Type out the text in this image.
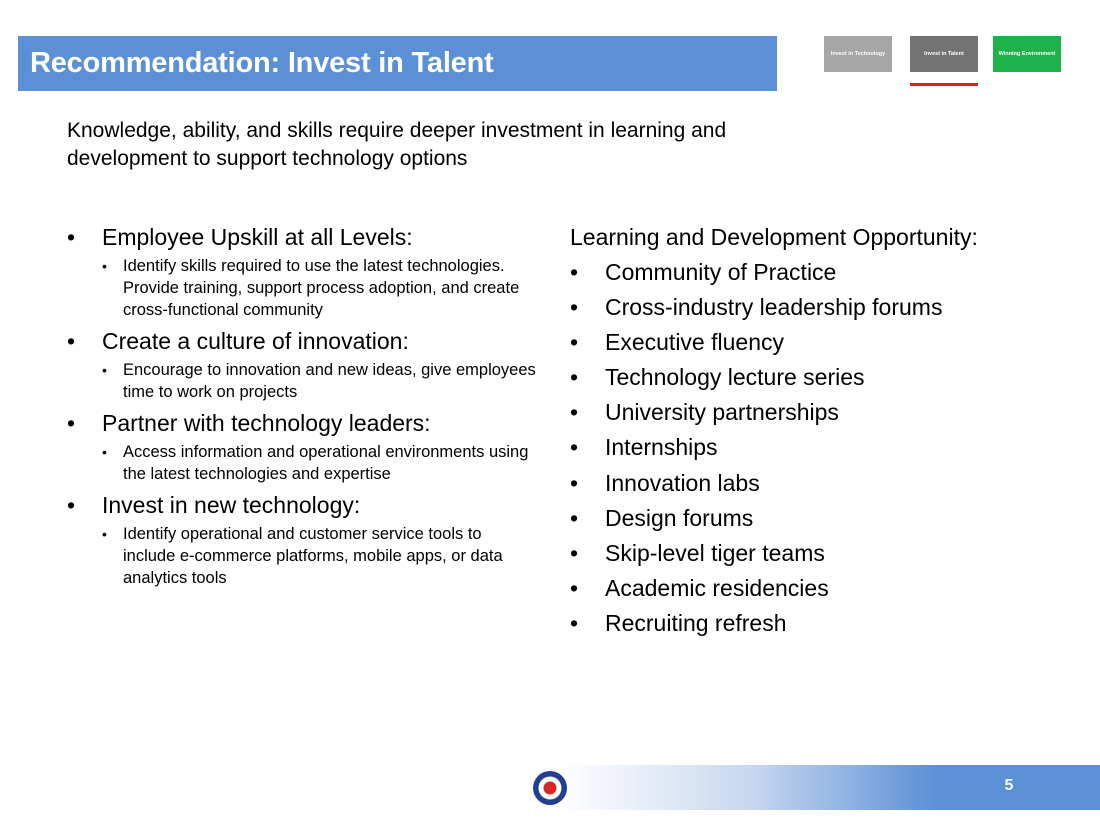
Recommendation: Invest in Talent	Invest in Technology	Invest in Talent	Winning Environment
Knowledge, ability, and skills require deeper investment in learning and development to support technology options
• Employee Upskill at all Levels:
• Identify skills required to use the latest technologies. Provide training, support process adoption, and create cross-functional community
• Create a culture of innovation:
• Encourage to innovation and new ideas, give employees time to work on projects
• Partner with technology leaders:
• Access information and operational environments using the latest technologies and expertise
• Invest in new technology:
• Identify operational and customer service tools to include e-commerce platforms, mobile apps, or data analytics tools
Learning and Development Opportunity:
• Community of Practice
• Cross-industry leadership forums
• Executive fluency
• Technology lecture series
• University partnerships
• Internships
• Innovation labs
• Design forums
• Skip-level tiger teams
• Academic residencies
• Recruiting refresh
5
